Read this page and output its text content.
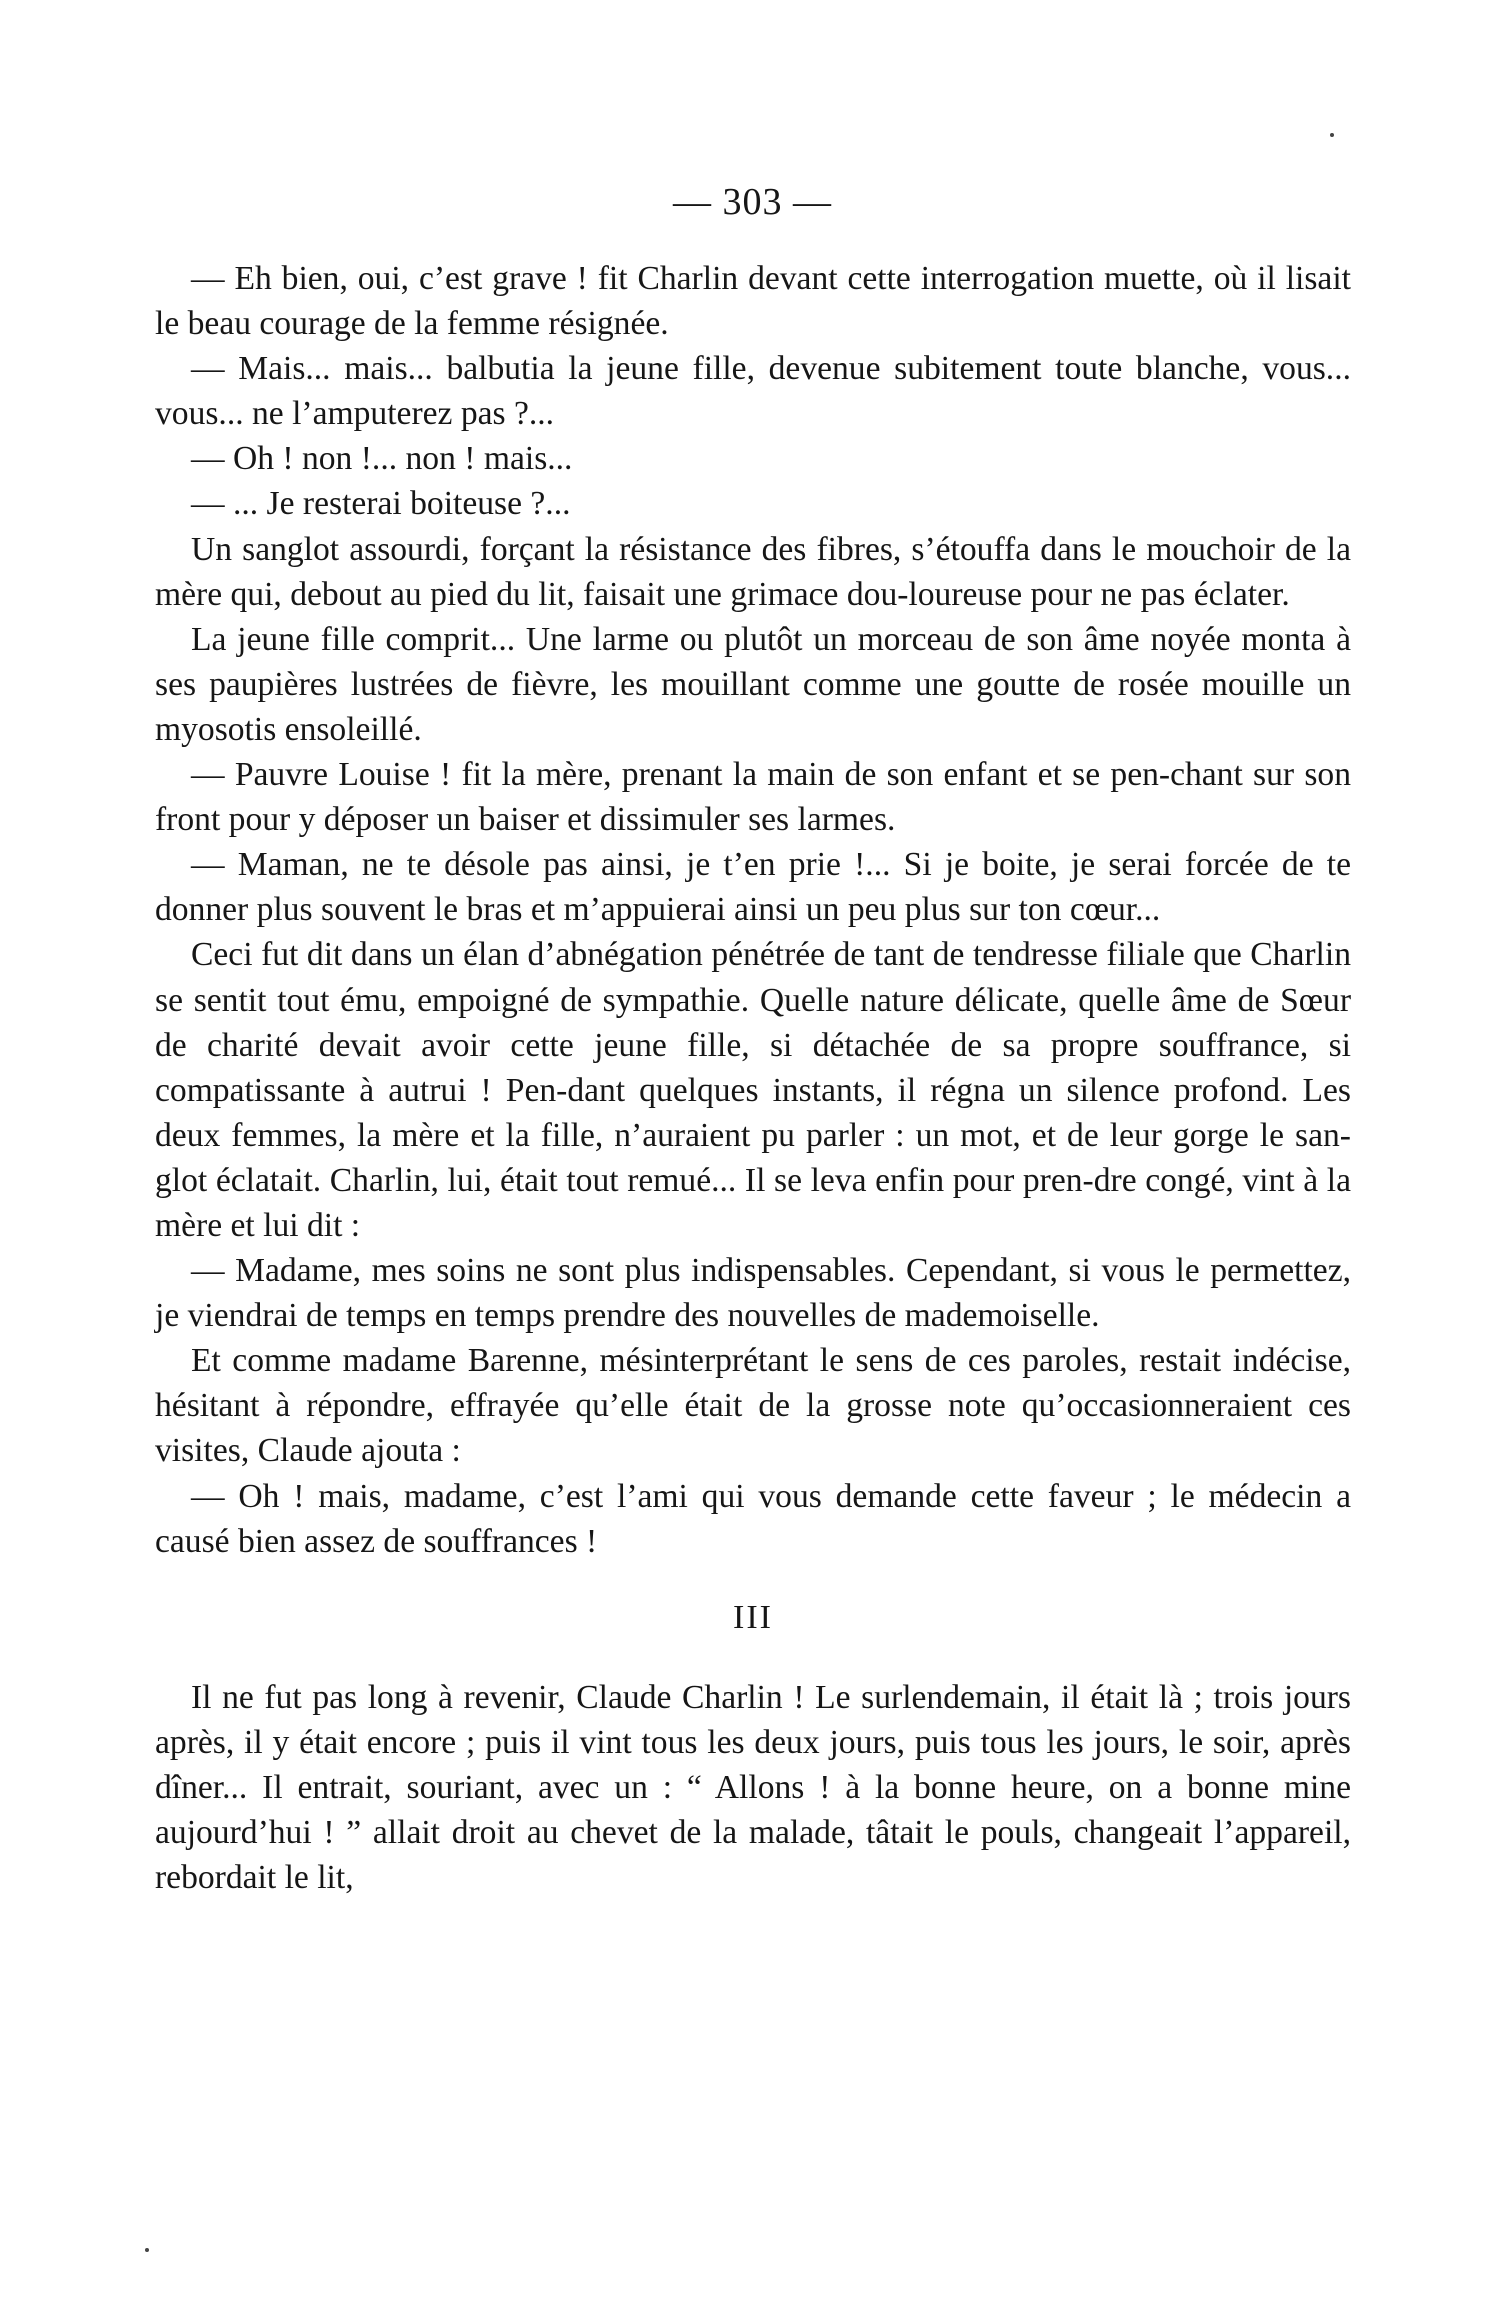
— 303 —

— Eh bien, oui, c’est grave ! fit Charlin devant cette interrogation muette, où il lisait le beau courage de la femme résignée.

— Mais... mais... balbutia la jeune fille, devenue subitement toute blanche, vous... vous... ne l’amputerez pas ?...

— Oh ! non !... non ! mais...

— ... Je resterai boiteuse ?...

Un sanglot assourdi, forçant la résistance des fibres, s’étouffa dans le mouchoir de la mère qui, debout au pied du lit, faisait une grimace dou-loureuse pour ne pas éclater.

La jeune fille comprit... Une larme ou plutôt un morceau de son âme noyée monta à ses paupières lustrées de fièvre, les mouillant comme une goutte de rosée mouille un myosotis ensoleillé.

— Pauvre Louise ! fit la mère, prenant la main de son enfant et se pen-chant sur son front pour y déposer un baiser et dissimuler ses larmes.

— Maman, ne te désole pas ainsi, je t’en prie !... Si je boite, je serai forcée de te donner plus souvent le bras et m’appuierai ainsi un peu plus sur ton cœur...

Ceci fut dit dans un élan d’abnégation pénétrée de tant de tendresse filiale que Charlin se sentit tout ému, empoigné de sympathie. Quelle nature délicate, quelle âme de Sœur de charité devait avoir cette jeune fille, si détachée de sa propre souffrance, si compatissante à autrui ! Pen-dant quelques instants, il régna un silence profond. Les deux femmes, la mère et la fille, n’auraient pu parler : un mot, et de leur gorge le san-glot éclatait. Charlin, lui, était tout remué... Il se leva enfin pour pren-dre congé, vint à la mère et lui dit :

— Madame, mes soins ne sont plus indispensables. Cependant, si vous le permettez, je viendrai de temps en temps prendre des nouvelles de mademoiselle.

Et comme madame Barenne, mésinterprétant le sens de ces paroles, restait indécise, hésitant à répondre, effrayée qu’elle était de la grosse note qu’occasionneraient ces visites, Claude ajouta :

— Oh ! mais, madame, c’est l’ami qui vous demande cette faveur ; le médecin a causé bien assez de souffrances !

III

Il ne fut pas long à revenir, Claude Charlin ! Le surlendemain, il était là ; trois jours après, il y était encore ; puis il vint tous les deux jours, puis tous les jours, le soir, après dîner... Il entrait, souriant, avec un : “ Allons ! à la bonne heure, on a bonne mine aujourd’hui ! ” allait droit au chevet de la malade, tâtait le pouls, changeait l’appareil, rebordait le lit,
